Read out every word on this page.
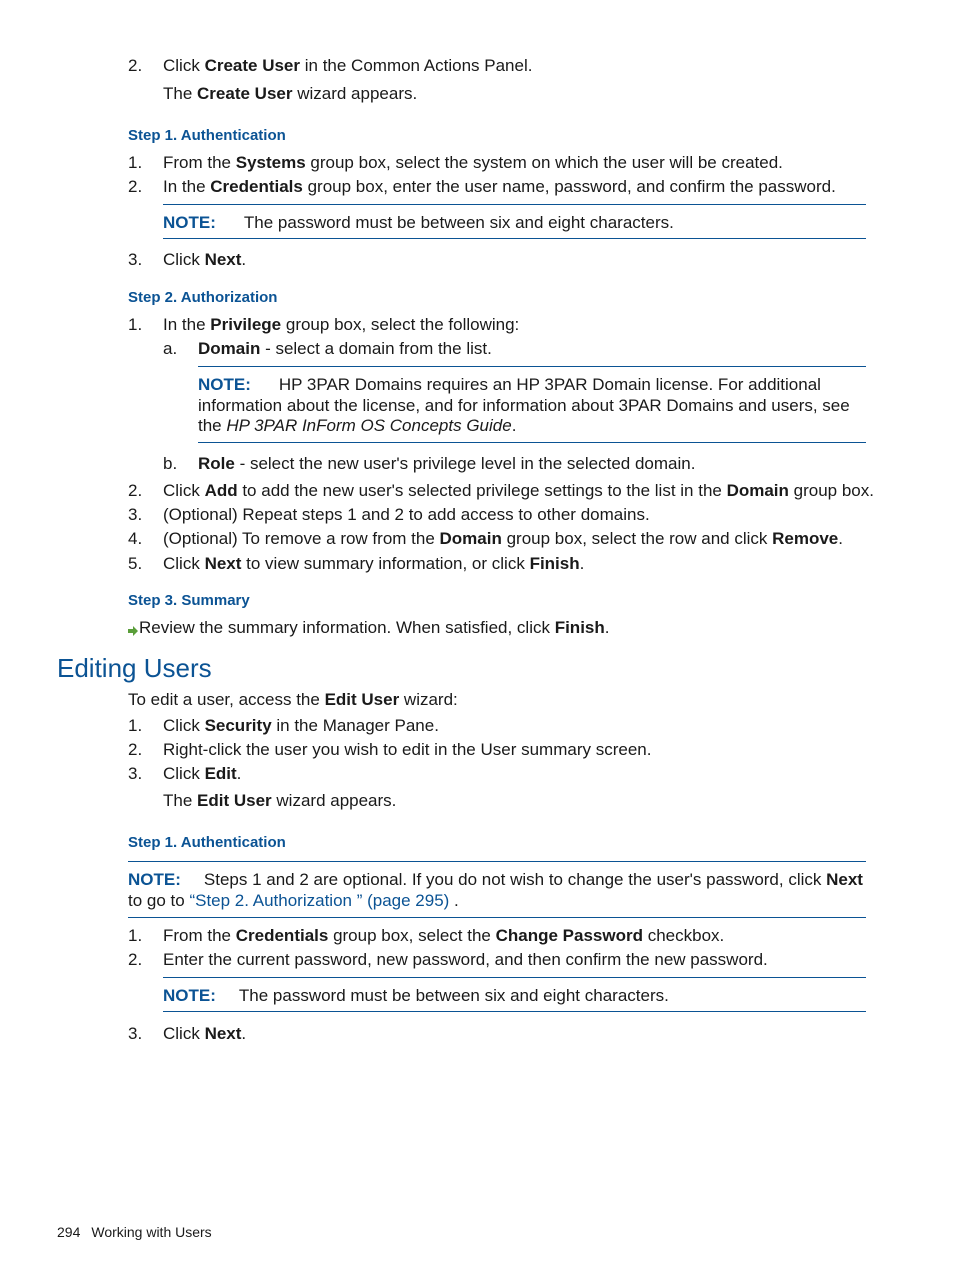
2. Click Create User in the Common Actions Panel.
The Create User wizard appears.
Step 1. Authentication
1. From the Systems group box, select the system on which the user will be created.
2. In the Credentials group box, enter the user name, password, and confirm the password.
NOTE: The password must be between six and eight characters.
3. Click Next.
Step 2. Authorization
1. In the Privilege group box, select the following:
a. Domain - select a domain from the list.
NOTE: HP 3PAR Domains requires an HP 3PAR Domain license. For additional
information about the license, and for information about 3PAR Domains and users, see
the HP 3PAR InForm OS Concepts Guide.
b. Role - select the new user's privilege level in the selected domain.
2. Click Add to add the new user's selected privilege settings to the list in the Domain group box.
3. (Optional) Repeat steps 1 and 2 to add access to other domains.
4. (Optional) To remove a row from the Domain group box, select the row and click Remove.
5. Click Next to view summary information, or click Finish.
Step 3. Summary
Review the summary information. When satisfied, click Finish.
Editing Users
To edit a user, access the Edit User wizard:
1. Click Security in the Manager Pane.
2. Right-click the user you wish to edit in the User summary screen.
3. Click Edit.
The Edit User wizard appears.
Step 1. Authentication
NOTE: Steps 1 and 2 are optional. If you do not wish to change the user's password, click Next
to go to “Step 2. Authorization ” (page 295) .
1. From the Credentials group box, select the Change Password checkbox.
2. Enter the current password, new password, and then confirm the new password.
NOTE: The password must be between six and eight characters.
3. Click Next.
294 Working with Users
